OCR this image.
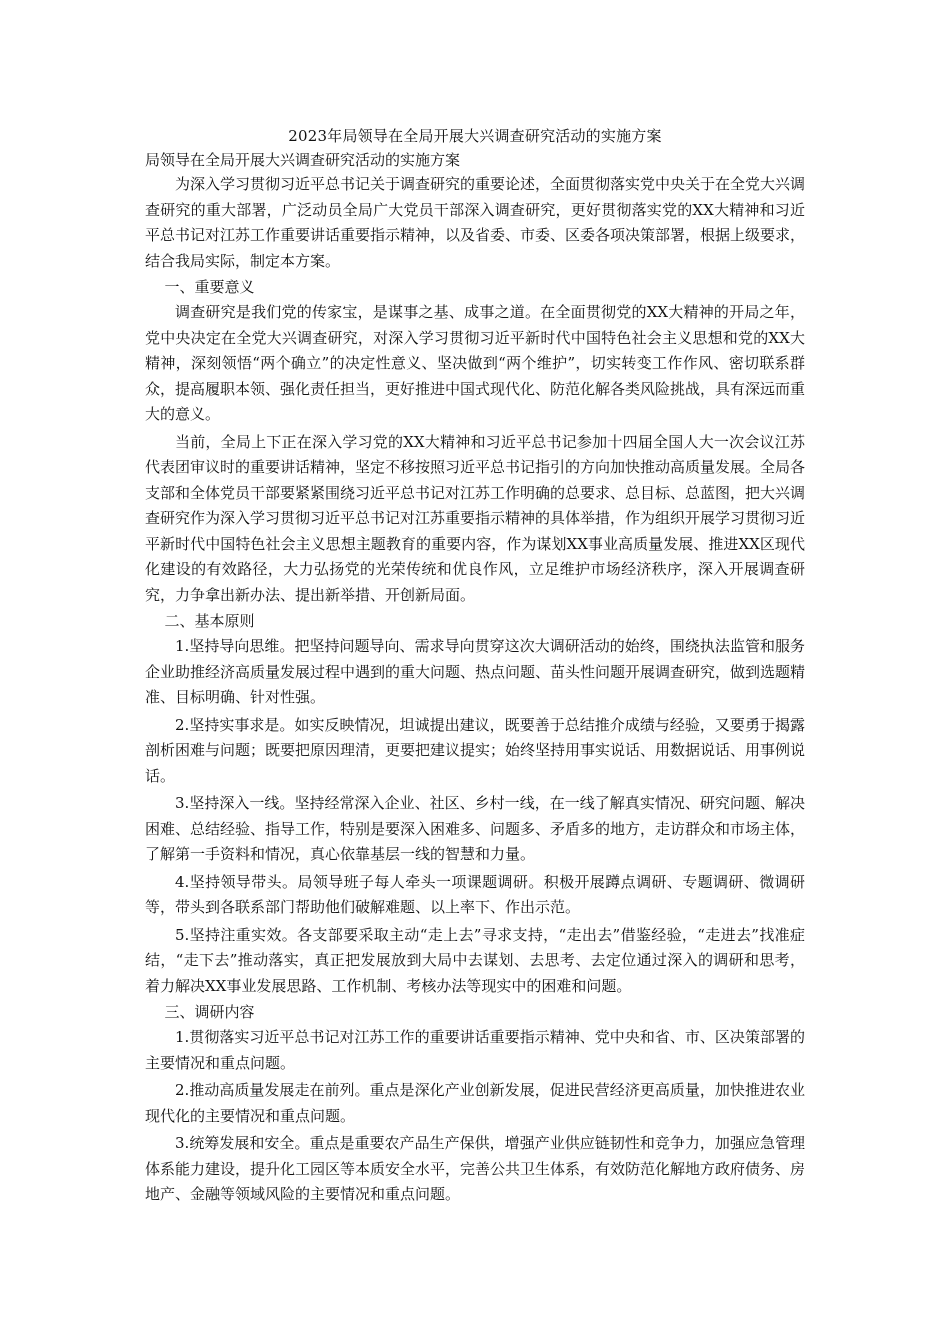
2023年局领导在全局开展大兴调查研究活动的实施方案

局领导在全局开展大兴调查研究活动的实施方案

为深入学习贯彻习近平总书记关于调查研究的重要论述，全面贯彻落实党中央关于在全党大兴调查研究的重大部署，广泛动员全局广大党员干部深入调查研究，更好贯彻落实党的XX大精神和习近平总书记对江苏工作重要讲话重要指示精神，以及省委、市委、区委各项决策部署，根据上级要求，结合我局实际，制定本方案。

一、重要意义

调查研究是我们党的传家宝，是谋事之基、成事之道。在全面贯彻党的XX大精神的开局之年，党中央决定在全党大兴调查研究，对深入学习贯彻习近平新时代中国特色社会主义思想和党的XX大精神，深刻领悟“两个确立”的决定性意义、坚决做到“两个维护”，切实转变工作作风、密切联系群众，提高履职本领、强化责任担当，更好推进中国式现代化、防范化解各类风险挑战，具有深远而重大的意义。

当前，全局上下正在深入学习党的XX大精神和习近平总书记参加十四届全国人大一次会议江苏代表团审议时的重要讲话精神，坚定不移按照习近平总书记指引的方向加快推动高质量发展。全局各支部和全体党员干部要紧紧围绕习近平总书记对江苏工作明确的总要求、总目标、总蓝图，把大兴调查研究作为深入学习贯彻习近平总书记对江苏重要指示精神的具体举措，作为组织开展学习贯彻习近平新时代中国特色社会主义思想主题教育的重要内容，作为谋划XX事业高质量发展、推进XX区现代化建设的有效路径，大力弘扬党的光荣传统和优良作风，立足维护市场经济秩序，深入开展调查研究，力争拿出新办法、提出新举措、开创新局面。

二、基本原则

1.坚持导向思维。把坚持问题导向、需求导向贯穿这次大调研活动的始终，围绕执法监管和服务企业助推经济高质量发展过程中遇到的重大问题、热点问题、苗头性问题开展调查研究，做到选题精准、目标明确、针对性强。

2.坚持实事求是。如实反映情况，坦诚提出建议，既要善于总结推介成绩与经验，又要勇于揭露剖析困难与问题；既要把原因理清，更要把建议提实；始终坚持用事实说话、用数据说话、用事例说话。

3.坚持深入一线。坚持经常深入企业、社区、乡村一线，在一线了解真实情况、研究问题、解决困难、总结经验、指导工作，特别是要深入困难多、问题多、矛盾多的地方，走访群众和市场主体，了解第一手资料和情况，真心依靠基层一线的智慧和力量。

4.坚持领导带头。局领导班子每人牵头一项课题调研。积极开展蹲点调研、专题调研、微调研等，带头到各联系部门帮助他们破解难题、以上率下、作出示范。

5.坚持注重实效。各支部要采取主动“走上去”寻求支持，“走出去”借鉴经验，“走进去”找准症结，“走下去”推动落实，真正把发展放到大局中去谋划、去思考、去定位通过深入的调研和思考，着力解决XX事业发展思路、工作机制、考核办法等现实中的困难和问题。

三、调研内容

1.贯彻落实习近平总书记对江苏工作的重要讲话重要指示精神、党中央和省、市、区决策部署的主要情况和重点问题。

2.推动高质量发展走在前列。重点是深化产业创新发展，促进民营经济更高质量，加快推进农业现代化的主要情况和重点问题。

3.统筹发展和安全。重点是重要农产品生产保供，增强产业供应链韧性和竞争力，加强应急管理体系能力建设，提升化工园区等本质安全水平，完善公共卫生体系，有效防范化解地方政府债务、房地产、金融等领域风险的主要情况和重点问题。
